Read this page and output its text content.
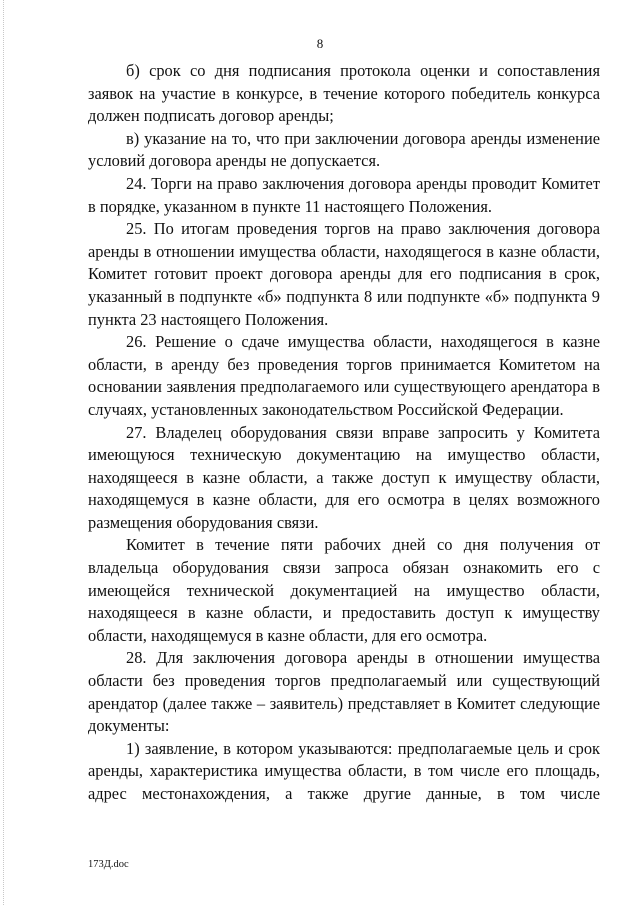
8

б) срок со дня подписания протокола оценки и сопоставления заявок на участие в конкурсе, в течение которого победитель конкурса должен подписать договор аренды;

в) указание на то, что при заключении договора аренды изменение условий договора аренды не допускается.

24. Торги на право заключения договора аренды проводит Комитет в порядке, указанном в пункте 11 настоящего Положения.

25. По итогам проведения торгов на право заключения договора аренды в отношении имущества области, находящегося в казне области, Комитет готовит проект договора аренды для его подписания в срок, указанный в подпункте «б» подпункта 8 или подпункте «б» подпункта 9 пункта 23 настоящего Положения.

26. Решение о сдаче имущества области, находящегося в казне области, в аренду без проведения торгов принимается Комитетом на основании заявления предполагаемого или существующего арендатора в случаях, установленных законодательством Российской Федерации.

27. Владелец оборудования связи вправе запросить у Комитета имеющуюся техническую документацию на имущество области, находящееся в казне области, а также доступ к имуществу области, находящемуся в казне области, для его осмотра в целях возможного размещения оборудования связи.

Комитет в течение пяти рабочих дней со дня получения от владельца оборудования связи запроса обязан ознакомить его с имеющейся технической документацией на имущество области, находящееся в казне области, и предоставить доступ к имуществу области, находящемуся в казне области, для его осмотра.

28. Для заключения договора аренды в отношении имущества области без проведения торгов предполагаемый или существующий арендатор (далее также – заявитель) представляет в Комитет следующие документы:

1) заявление, в котором указываются: предполагаемые цель и срок аренды, характеристика имущества области, в том числе его площадь, адрес местонахождения, а также другие данные, в том числе

173Д.doc
